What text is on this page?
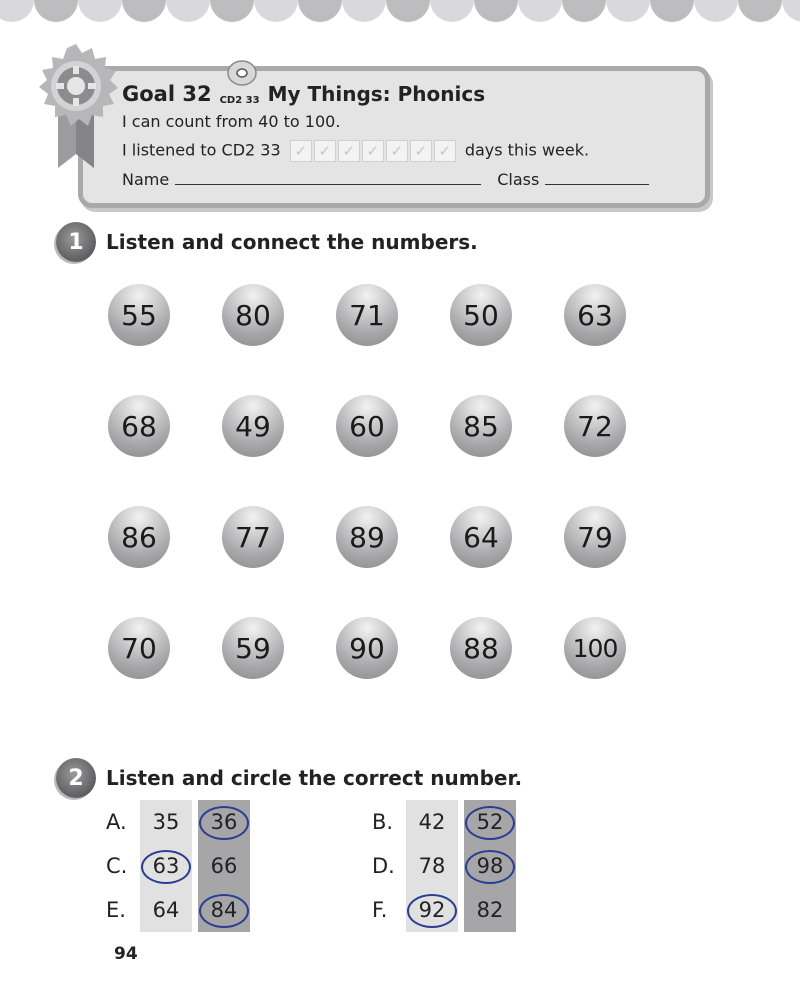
Goal 32 CD2 33 My Things: Phonics
I can count from 40 to 100.
I listened to CD2 33 ✓ ✓ ✓ ✓ ✓ ✓ ✓ days this week.
Name	Class
1	Listen and connect the numbers.
55	80	71	50	63
68	49	60	85	72
86	77	89	64	79
70	59	90	88	100
2	Listen and circle the correct number.
A.	35 36
C.	63 66
E.	64 84
B.	42 52
D.	78 98
F.	92 82
94
